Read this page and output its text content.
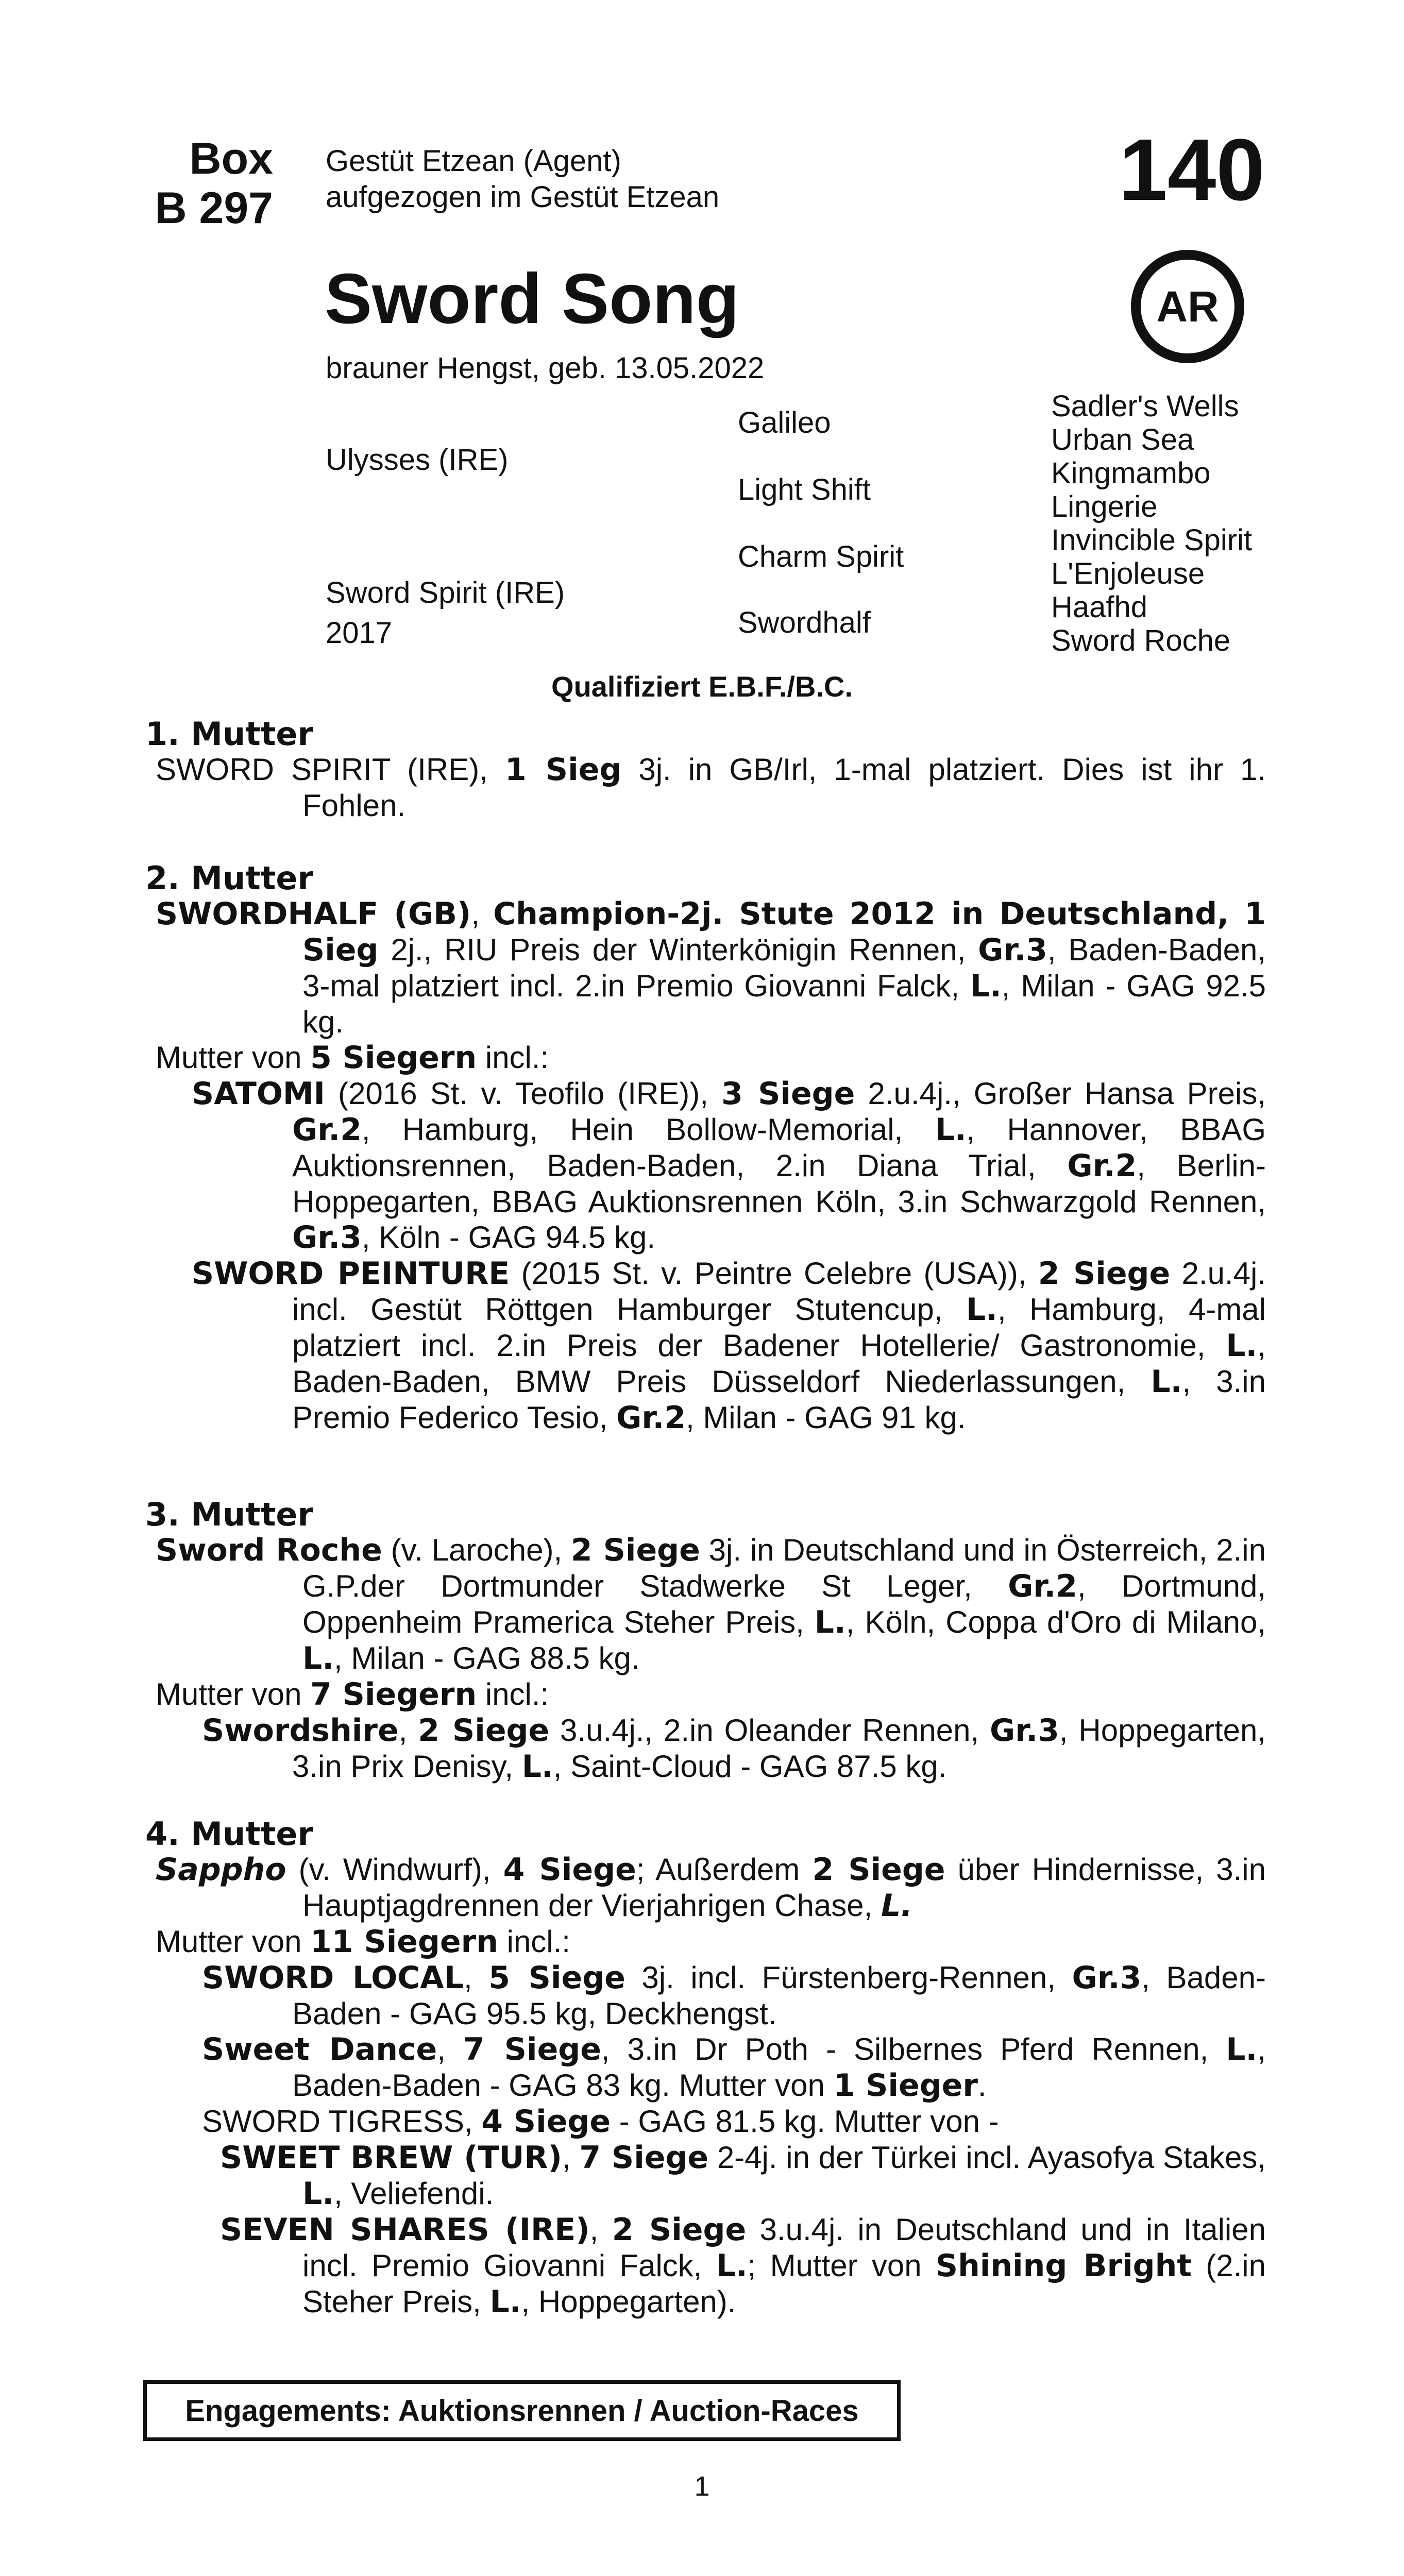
Box
B 297
Gestüt Etzean (Agent)
aufgezogen im Gestüt Etzean	140
Sword Song	AR
brauner Hengst, geb. 13.05.2022
Ulysses (IRE)
Sword Spirit (IRE)
2017
Galileo
Light Shift
Charm Spirit
Swordhalf
Sadler's Wells
Urban Sea
Kingmambo
Lingerie
Invincible Spirit
L'Enjoleuse
Haafhd
Sword Roche
Qualifiziert E.B.F./B.C.

1. Mutter

SWORD SPIRIT (IRE), 1 Sieg 3j. in GB/Irl, 1-mal platziert. Dies ist ihr 1. Fohlen.

2. Mutter

SWORDHALF (GB), Champion-2j. Stute 2012 in Deutschland, 1 Sieg 2j., RIU Preis der Winterkönigin Rennen, Gr.3, Baden-Baden, 3-mal platziert incl. 2.in Premio Giovanni Falck, L., Milan - GAG 92.5 kg.

Mutter von 5 Siegern incl.:

SATOMI (2016 St. v. Teofilo (IRE)), 3 Siege 2.u.4j., Großer Hansa Preis, Gr.2, Hamburg, Hein Bollow-Memorial, L., Hannover, BBAG Auktionsrennen, Baden-Baden, 2.in Diana Trial, Gr.2, Berlin-Hoppegarten, BBAG Auktionsrennen Köln, 3.in Schwarzgold Rennen, Gr.3, Köln - GAG 94.5 kg.

SWORD PEINTURE (2015 St. v. Peintre Celebre (USA)), 2 Siege 2.u.4j. incl. Gestüt Röttgen Hamburger Stutencup, L., Hamburg, 4-mal platziert incl. 2.in Preis der Badener Hotellerie/ Gastronomie, L., Baden-Baden, BMW Preis Düsseldorf Niederlassungen, L., 3.in Premio Federico Tesio, Gr.2, Milan - GAG 91 kg.

3. Mutter

Sword Roche (v. Laroche), 2 Siege 3j. in Deutschland und in Österreich, 2.in G.P.der Dortmunder Stadwerke St Leger, Gr.2, Dortmund, Oppenheim Pramerica Steher Preis, L., Köln, Coppa d'Oro di Milano, L., Milan - GAG 88.5 kg.

Mutter von 7 Siegern incl.:

Swordshire, 2 Siege 3.u.4j., 2.in Oleander Rennen, Gr.3, Hoppegarten, 3.in Prix Denisy, L., Saint-Cloud - GAG 87.5 kg.

4. Mutter

Sappho (v. Windwurf), 4 Siege; Außerdem 2 Siege über Hindernisse, 3.in Hauptjagdrennen der Vierjahrigen Chase, L.

Mutter von 11 Siegern incl.:

SWORD LOCAL, 5 Siege 3j. incl. Fürstenberg-Rennen, Gr.3, Baden-Baden - GAG 95.5 kg, Deckhengst.

Sweet Dance, 7 Siege, 3.in Dr Poth - Silbernes Pferd Rennen, L., Baden-Baden - GAG 83 kg. Mutter von 1 Sieger.

SWORD TIGRESS, 4 Siege - GAG 81.5 kg. Mutter von -

SWEET BREW (TUR), 7 Siege 2-4j. in der Türkei incl. Ayasofya Stakes, L., Veliefendi.

SEVEN SHARES (IRE), 2 Siege 3.u.4j. in Deutschland und in Italien incl. Premio Giovanni Falck, L.; Mutter von Shining Bright (2.in Steher Preis, L., Hoppegarten).

Engagements: Auktionsrennen / Auction-Races
1
